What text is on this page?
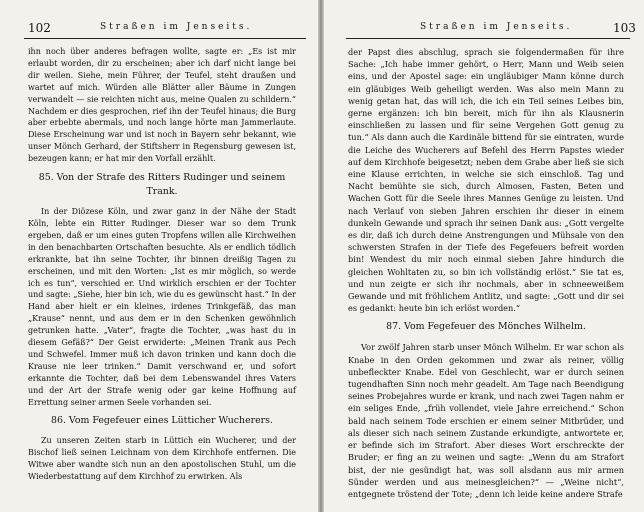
102	Straßen im Jenseits.

ihn noch über anderes befragen wollte, sagte er: „Es ist mir erlaubt worden, dir zu erscheinen; aber ich darf nicht lange bei dir weilen. Siehe, mein Führer, der Teufel, steht draußen und wartet auf mich. Würden alle Blätter aller Bäume in Zungen verwandelt — sie reichten nicht aus, meine Qualen zu schildern.“ Nachdem er dies gesprochen, rief ihn der Teufel hinaus; die Burg aber erbebte abermals, und noch lange hörte man Jammerlaute. Diese Erscheinung war und ist noch in Bayern sehr bekannt, wie unser Mönch Gerhard, der Stiftsherr in Regensburg gewesen ist, bezeugen kann; er hat mir den Vorfall erzählt.

85. Von der Strafe des Ritters Rudinger und seinem Trank.

In der Diözese Köln, und zwar ganz in der Nähe der Stadt Köln, lebte ein Ritter Rudinger. Dieser war so dem Trunk ergeben, daß er um eines guten Tropfens willen alle Kirchweihen in den benachbarten Ortschaften besuchte. Als er endlich tödlich erkrankte, bat ihn seine Tochter, ihr binnen dreißig Tagen zu erscheinen, und mit den Worten: „Ist es mir möglich, so werde ich es tun“, verschied er. Und wirklich erschien er der Tochter und sagte: „Siehe, hier bin ich, wie du es gewünscht hast.“ In der Hand aber hielt er ein kleines, irdenes Trinkgefäß, das man „Krause“ nennt, und aus dem er in den Schenken gewöhnlich getrunken hatte. „Vater“, fragte die Tochter, „was hast du in diesem Gefäß?“ Der Geist erwiderte: „Meinen Trank aus Pech und Schwefel. Immer muß ich davon trinken und kann doch die Krause nie leer trinken.“ Damit verschwand er, und sofort erkannte die Tochter, daß bei dem Lebenswandel ihres Vaters und der Art der Strafe wenig oder gar keine Hoffnung auf Errettung seiner armen Seele vorhanden sei.

86. Vom Fegefeuer eines Lütticher Wucherers.

Zu unseren Zeiten starb in Lüttich ein Wucherer, und der Bischof ließ seinen Leichnam von dem Kirchhofe entfernen. Die Witwe aber wandte sich nun an den apostolischen Stuhl, um die Wiederbestattung auf dem Kirchhof zu erwirken. Als

Straßen im Jenseits.	103

der Papst dies abschlug, sprach sie folgendermaßen für ihre Sache: „Ich habe immer gehört, o Herr, Mann und Weib seien eins, und der Apostel sage: ein ungläubiger Mann könne durch ein gläubiges Weib geheiligt werden. Was also mein Mann zu wenig getan hat, das will ich, die ich ein Teil seines Leibes bin, gerne ergänzen: ich bin bereit, mich für ihn als Klausnerin einschließen zu lassen und für seine Vergehen Gott genug zu tun.“ Als dann auch die Kardinäle bittend für sie eintraten, wurde die Leiche des Wucherers auf Befehl des Herrn Papstes wieder auf dem Kirchhofe beigesetzt; neben dem Grabe aber ließ sie sich eine Klause errichten, in welche sie sich einschloß. Tag und Nacht bemühte sie sich, durch Almosen, Fasten, Beten und Wachen Gott für die Seele ihres Mannes Genüge zu leisten. Und nach Verlauf von sieben Jahren erschien ihr dieser in einem dunkeln Gewande und sprach ihr seinen Dank aus: „Gott vergelte es dir, daß ich durch deine Anstrengungen und Mühsale von den schwersten Strafen in der Tiefe des Fegefeuers befreit worden bin! Wendest du mir noch einmal sieben Jahre hindurch die gleichen Wohltaten zu, so bin ich vollständig erlöst.“ Sie tat es, und nun zeigte er sich ihr nochmals, aber in schneeweißem Gewande und mit fröhlichem Antlitz, und sagte: „Gott und dir sei es gedankt: heute bin ich erlöst worden.“

87. Vom Fegefeuer des Mönches Wilhelm.

Vor zwölf Jahren starb unser Mönch Wilhelm. Er war schon als Knabe in den Orden gekommen und zwar als reiner, völlig unbefleckter Knabe. Edel von Geschlecht, war er durch seinen tugendhaften Sinn noch mehr geadelt. Am Tage nach Beendigung seines Probejahres wurde er krank, und nach zwei Tagen nahm er ein seliges Ende, „früh vollendet, viele Jahre erreichend.“ Schon bald nach seinem Tode erschien er einem seiner Mitbrüder, und als dieser sich nach seinem Zustande erkundigte, antwortete er, er befinde sich im Strafort. Aber dieses Wort erschreckte der Bruder; er fing an zu weinen und sagte: „Wenn du am Strafort bist, der nie gesündigt hat, was soll alsdann aus mir armen Sünder werden und aus meinesgleichen?“ — „Weine nicht“, entgegnete tröstend der Tote; „denn ich leide keine andere Strafe
